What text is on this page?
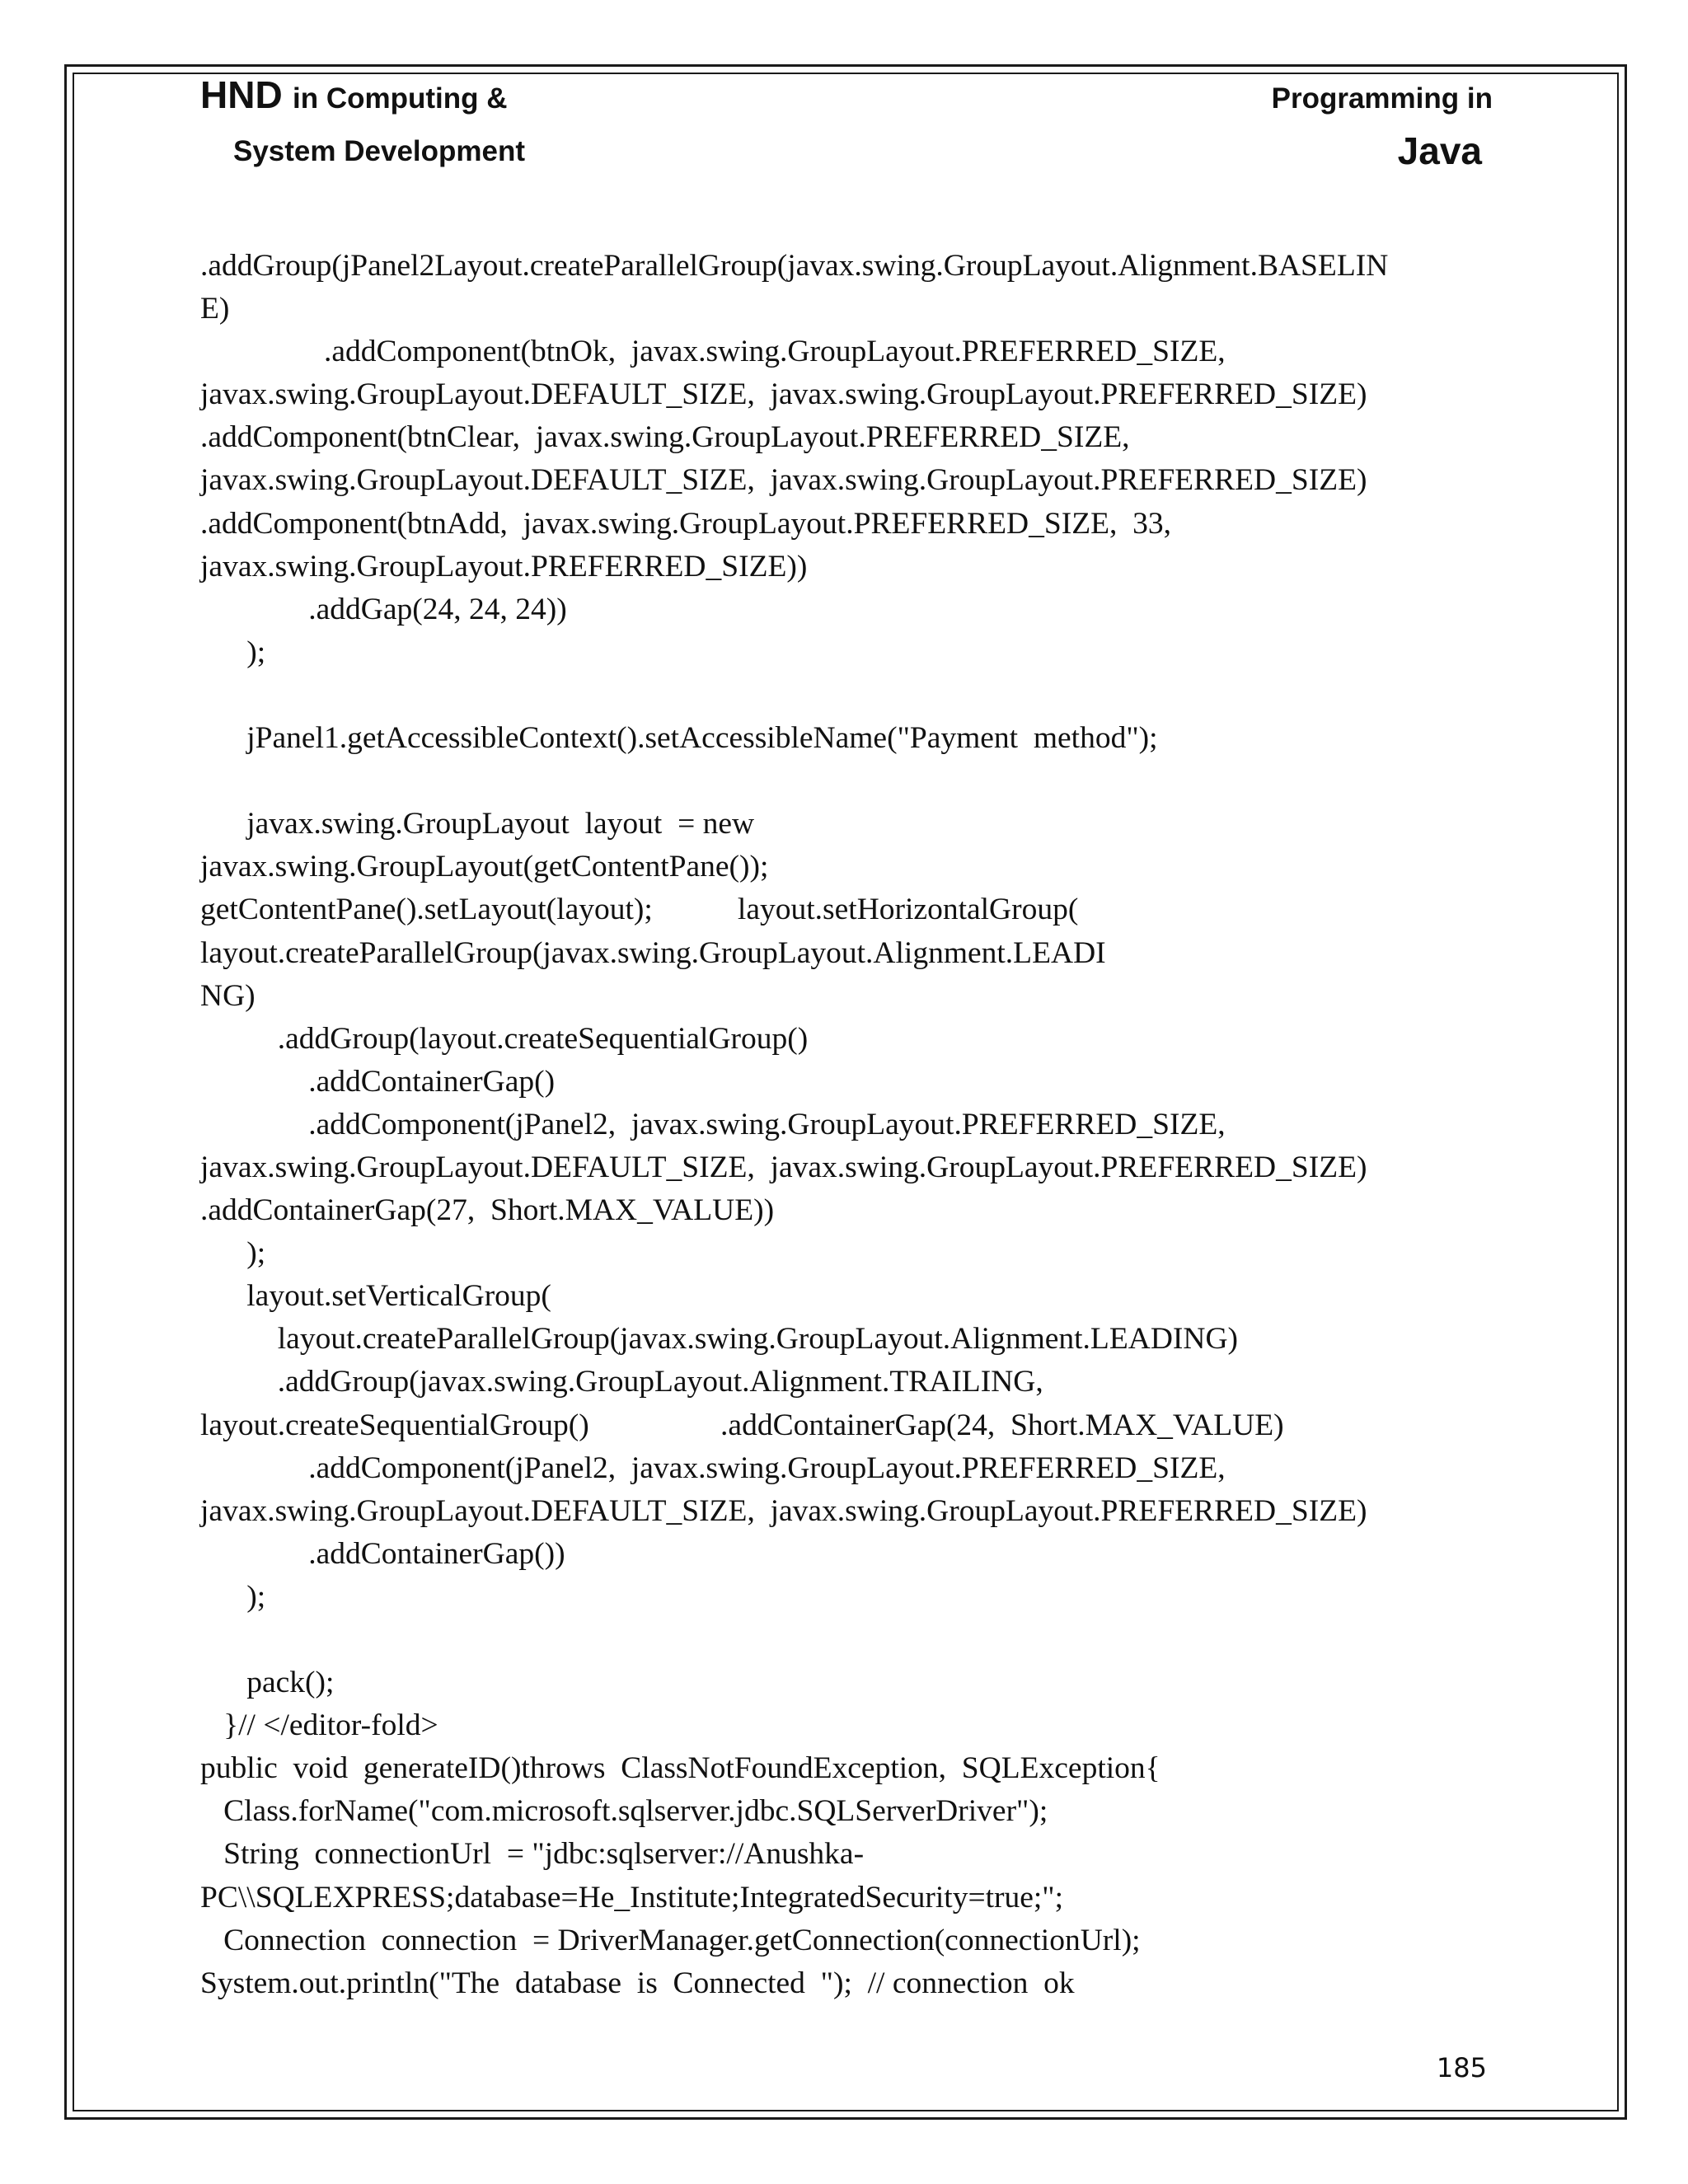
HND in Computing &
System Development
Programming in
Java
.addGroup(jPanel2Layout.createParallelGroup(javax.swing.GroupLayout.Alignment.BASELIN
E)
.addComponent(btnOk,  javax.swing.GroupLayout.PREFERRED_SIZE,
javax.swing.GroupLayout.DEFAULT_SIZE,  javax.swing.GroupLayout.PREFERRED_SIZE)
.addComponent(btnClear,  javax.swing.GroupLayout.PREFERRED_SIZE,
javax.swing.GroupLayout.DEFAULT_SIZE,  javax.swing.GroupLayout.PREFERRED_SIZE)
.addComponent(btnAdd,  javax.swing.GroupLayout.PREFERRED_SIZE,  33,
javax.swing.GroupLayout.PREFERRED_SIZE))
.addGap(24, 24, 24))
);
jPanel1.getAccessibleContext().setAccessibleName("Payment  method");
javax.swing.GroupLayout  layout  = new
javax.swing.GroupLayout(getContentPane());
getContentPane().setLayout(layout);           layout.setHorizontalGroup(
layout.createParallelGroup(javax.swing.GroupLayout.Alignment.LEADI
NG)
.addGroup(layout.createSequentialGroup()
.addContainerGap()
.addComponent(jPanel2,  javax.swing.GroupLayout.PREFERRED_SIZE,
javax.swing.GroupLayout.DEFAULT_SIZE,  javax.swing.GroupLayout.PREFERRED_SIZE)
.addContainerGap(27,  Short.MAX_VALUE))
);
layout.setVerticalGroup(
layout.createParallelGroup(javax.swing.GroupLayout.Alignment.LEADING)
.addGroup(javax.swing.GroupLayout.Alignment.TRAILING,
layout.createSequentialGroup()                 .addContainerGap(24,  Short.MAX_VALUE)
.addComponent(jPanel2,  javax.swing.GroupLayout.PREFERRED_SIZE,
javax.swing.GroupLayout.DEFAULT_SIZE,  javax.swing.GroupLayout.PREFERRED_SIZE)
.addContainerGap())
);
pack();
}// </editor-fold>
public  void  generateID()throws  ClassNotFoundException,  SQLException{
Class.forName("com.microsoft.sqlserver.jdbc.SQLServerDriver");
String  connectionUrl  = "jdbc:sqlserver://Anushka-
PC\\SQLEXPRESS;database=He_Institute;IntegratedSecurity=true;";
Connection  connection  = DriverManager.getConnection(connectionUrl);
System.out.println("The  database  is  Connected  ");  // connection  ok
185
